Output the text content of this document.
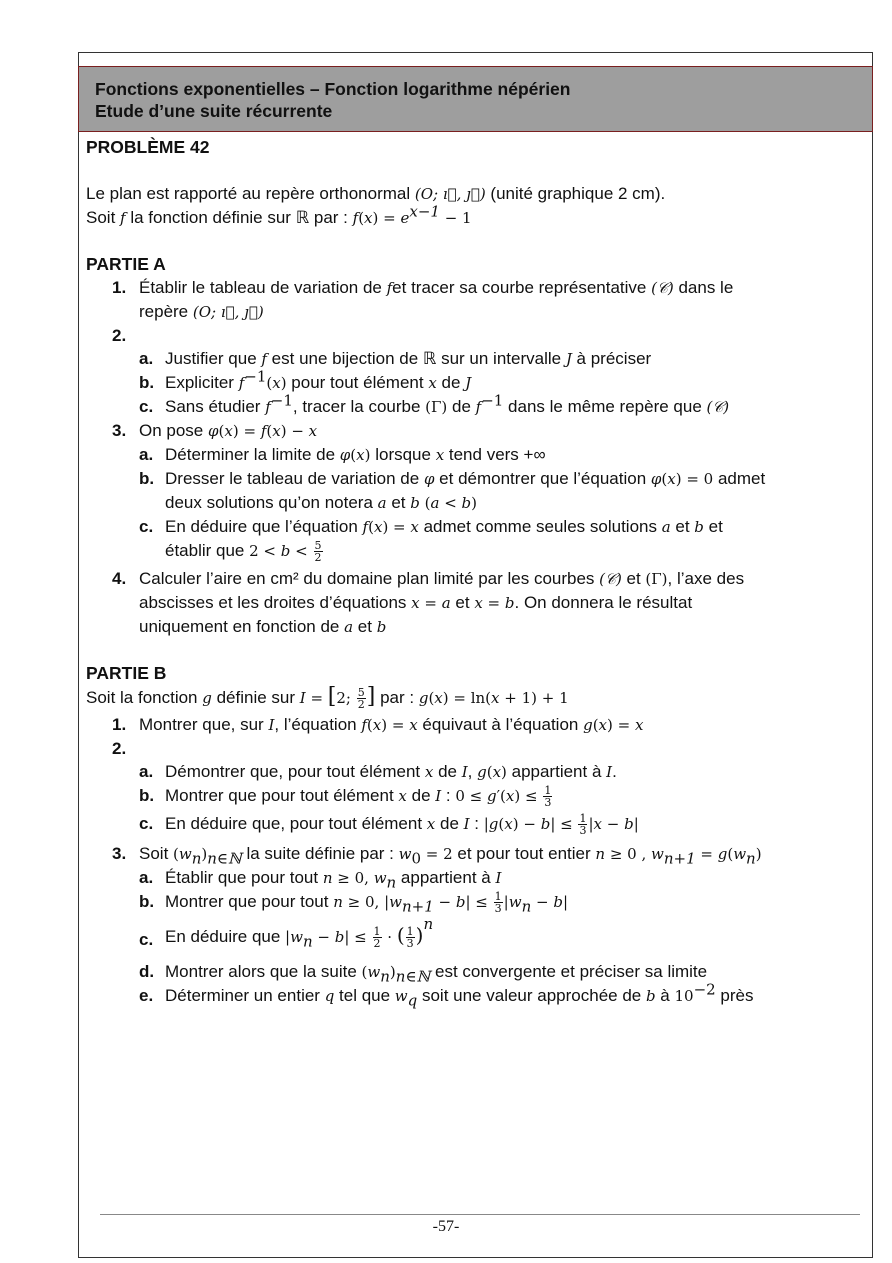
Fonctions exponentielles – Fonction logarithme népérien
Etude d’une suite récurrente
PROBLÈME 42
Le plan est rapporté au repère orthonormal (O; ı⃗, ȷ⃗) (unité graphique 2 cm).
Soit f la fonction définie sur ℝ par : $f(x) = e^{x-1} - 1$
PARTIE A
1. Établir le tableau de variation de fet tracer sa courbe représentative (𝒞) dans le
repère (O; ı⃗, ȷ⃗)
2.

a. Justifier que f est une bijection de ℝ sur un intervalle J à préciser
b. Expliciter $f^{-1}(x)$ pour tout élément x de J
c. Sans étudier $f^{-1}$, tracer la courbe (Γ) de $f^{-1}$ dans le même repère que (𝒞)
3. On pose φ(x) = f(x) − x
a. Déterminer la limite de φ(x) lorsque x tend vers +∞
b. Dresser le tableau de variation de φ et démontrer que l’équation φ(x) = 0 admet
deux solutions qu’on notera a et b (a < b)
c. En déduire que l’équation f(x) = x admet comme seules solutions a et b et
établir que $2 < b < \frac{5}{2}$
4. Calculer l’aire en cm² du domaine plan limité par les courbes (𝒞) et (Γ), l’axe des
abscisses et les droites d’équations x = a et x = b. On donnera le résultat
uniquement en fonction de a et b
PARTIE B
Soit la fonction g définie sur I = [2; $\frac{5}{2}$ ] par : g(x) = ln(x + 1) + 1
1. Montrer que, sur I, l’équation f(x) = x équivaut à l’équation g(x) = x
2.

a. Démontrer que, pour tout élément x de I, g(x) appartient à I.
b. Montrer que pour tout élément x de I : $0 \le g'(x) \le \frac{1}{3}$
c. En déduire que, pour tout élément x de I : $|g(x) - b| \le \frac{1}{3} |x - b|$
3. Soit $(w_n)_{n\in ℕ}$ la suite définie par : $w_0 = 2$ et pour tout entier n ≥ 0 , $w_{n+1} = g(w_n)$
a. Établir que pour tout n ≥ 0, $w_n$ appartient à I
b. Montrer que pour tout n ≥ 0, $|w_{n+1} - b| \le \frac{1}{3} |w_n - b|$
c. En déduire que $|w_n - b| \le \frac{1}{2}$ · ( $\frac{1}{3} )^n$
d. Montrer alors que la suite $(w_n)_{n\in ℕ}$ est convergente et préciser sa limite
e. Déterminer un entier q tel que $w_q$ soit une valeur approchée de b à $10^{-2}$ près
-57-
